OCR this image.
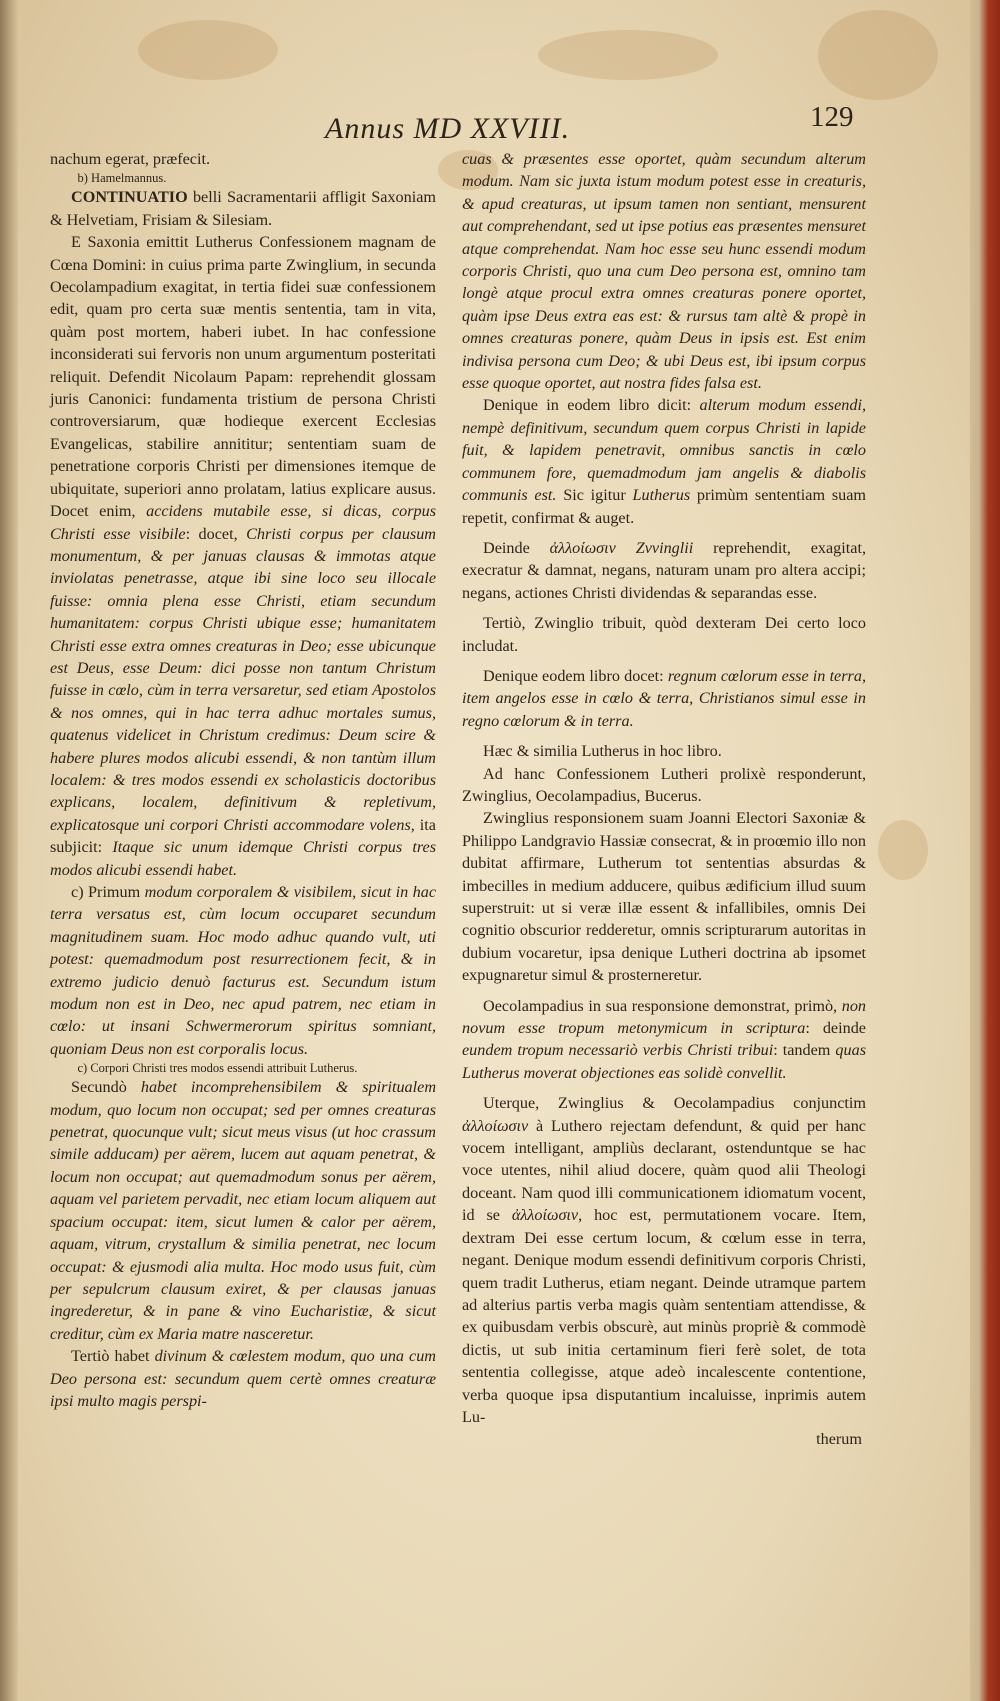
Annus MD XXVIII.	129

nachum egerat, præfecit.

b) Hamelmannus.

CONTINUATIO belli Sacramentarii affligit Saxoniam & Helvetiam, Frisiam & Silesiam.

E Saxonia emittit Lutherus Confessionem magnam de Cœna Domini: in cuius prima parte Zwinglium, in secunda Oecolampadium exagitat, in tertia fidei suæ confessionem edit, quam pro certa suæ mentis sententia, tam in vita, quàm post mortem, haberi iubet. In hac confessione inconsiderati sui fervoris non unum argumentum posteritati reliquit. Defendit Nicolaum Papam: reprehendit glossam juris Canonici: fundamenta tristium de persona Christi controversiarum, quæ hodieque exercent Ecclesias Evangelicas, stabilire annititur; sententiam suam de penetratione corporis Christi per dimensiones itemque de ubiquitate, superiori anno prolatam, latius explicare ausus. Docet enim, accidens mutabile esse, si dicas, corpus Christi esse visibile: docet, Christi corpus per clausum monumentum, & per januas clausas & immotas atque inviolatas penetrasse, atque ibi sine loco seu illocale fuisse: omnia plena esse Christi, etiam secundum humanitatem: corpus Christi ubique esse; humanitatem Christi esse extra omnes creaturas in Deo; esse ubicunque est Deus, esse Deum: dici posse non tantum Christum fuisse in cœlo, cùm in terra versaretur, sed etiam Apostolos & nos omnes, qui in hac terra adhuc mortales sumus, quatenus videlicet in Christum credimus: Deum scire & habere plures modos alicubi essendi, & non tantùm illum localem: & tres modos essendi ex scholasticis doctoribus explicans, localem, definitivum & repletivum, explicatosque uni corpori Christi accommodare volens, ita subjicit: Itaque sic unum idemque Christi corpus tres modos alicubi essendi habet.

c) Primum modum corporalem & visibilem, sicut in hac terra versatus est, cùm locum occuparet secundum magnitudinem suam. Hoc modo adhuc quando vult, uti potest: quemadmodum post resurrectionem fecit, & in extremo judicio denuò facturus est. Secundum istum modum non est in Deo, nec apud patrem, nec etiam in cœlo: ut insani Schwermerorum spiritus somniant, quoniam Deus non est corporalis locus.

c) Corpori Christi tres modos essendi attribuit Lutherus.

Secundò habet incomprehensibilem & spiritualem modum, quo locum non occupat; sed per omnes creaturas penetrat, quocunque vult; sicut meus visus (ut hoc crassum simile adducam) per aërem, lucem aut aquam penetrat, & locum non occupat; aut quemadmodum sonus per aërem, aquam vel parietem pervadit, nec etiam locum aliquem aut spacium occupat: item, sicut lumen & calor per aërem, aquam, vitrum, crystallum & similia penetrat, nec locum occupat: & ejusmodi alia multa. Hoc modo usus fuit, cùm per sepulcrum clausum exiret, & per clausas januas ingrederetur, & in pane & vino Eucharistiæ, & sicut creditur, cùm ex Maria matre nasceretur.

Tertiò habet divinum & cœlestem modum, quo una cum Deo persona est: secundum quem certè omnes creaturæ ipsi multo magis perspi-

cuas & præsentes esse oportet, quàm secundum alterum modum. Nam sic juxta istum modum potest esse in creaturis, & apud creaturas, ut ipsum tamen non sentiant, mensurent aut comprehendant, sed ut ipse potius eas præsentes mensuret atque comprehendat. Nam hoc esse seu hunc essendi modum corporis Christi, quo una cum Deo persona est, omnino tam longè atque procul extra omnes creaturas ponere oportet, quàm ipse Deus extra eas est: & rursus tam altè & propè in omnes creaturas ponere, quàm Deus in ipsis est. Est enim indivisa persona cum Deo; & ubi Deus est, ibi ipsum corpus esse quoque oportet, aut nostra fides falsa est.

Denique in eodem libro dicit: alterum modum essendi, nempè definitivum, secundum quem corpus Christi in lapide fuit, & lapidem penetravit, omnibus sanctis in cœlo communem fore, quemadmodum jam angelis & diabolis communis est. Sic igitur Lutherus primùm sententiam suam repetit, confirmat & auget.

Deinde ἀλλοίωσιν Zvvinglii reprehendit, exagitat, execratur & damnat, negans, naturam unam pro altera accipi; negans, actiones Christi dividendas & separandas esse.

Tertiò, Zwinglio tribuit, quòd dexteram Dei certo loco includat.

Denique eodem libro docet: regnum cœlorum esse in terra, item angelos esse in cœlo & terra, Christianos simul esse in regno cœlorum & in terra.

Hæc & similia Lutherus in hoc libro.

Ad hanc Confessionem Lutheri prolixè responderunt, Zwinglius, Oecolampadius, Bucerus.

Zwinglius responsionem suam Joanni Electori Saxoniæ & Philippo Landgravio Hassiæ consecrat, & in proœmio illo non dubitat affirmare, Lutherum tot sententias absurdas & imbecilles in medium adducere, quibus ædificium illud suum superstruit: ut si veræ illæ essent & infallibiles, omnis Dei cognitio obscurior redderetur, omnis scripturarum autoritas in dubium vocaretur, ipsa denique Lutheri doctrina ab ipsomet expugnaretur simul & prosterneretur.

Oecolampadius in sua responsione demonstrat, primò, non novum esse tropum metonymicum in scriptura: deinde eundem tropum necessariò verbis Christi tribui: tandem quas Lutherus moverat objectiones eas solidè convellit.

Uterque, Zwinglius & Oecolampadius conjunctim ἀλλοίωσιν à Luthero rejectam defendunt, & quid per hanc vocem intelligant, ampliùs declarant, ostenduntque se hac voce utentes, nihil aliud docere, quàm quod alii Theologi doceant. Nam quod illi communicationem idiomatum vocent, id se ἀλλοίωσιν, hoc est, permutationem vocare. Item, dextram Dei esse certum locum, & cœlum esse in terra, negant. Denique modum essendi definitivum corporis Christi, quem tradit Lutherus, etiam negant. Deinde utramque partem ad alterius partis verba magis quàm sententiam attendisse, & ex quibusdam verbis obscurè, aut minùs propriè & commodè dictis, ut sub initia certaminum fieri ferè solet, de tota sententia collegisse, atque adeò incalescente contentione, verba quoque ipsa disputantium incaluisse, inprimis autem Lu-

therum
